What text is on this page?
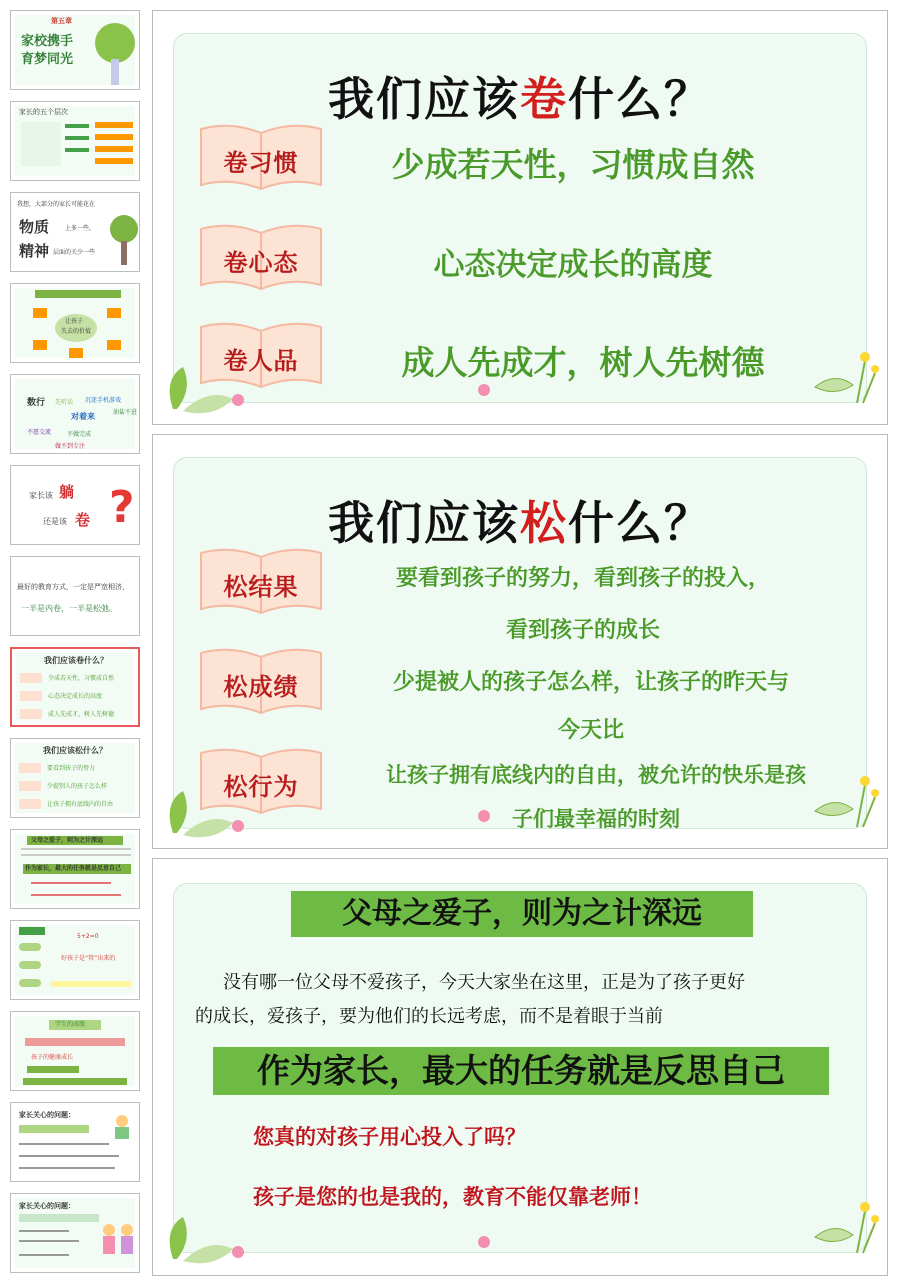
第五章
家校携手
育梦同光
家长的五个层次
我想，大部分的家长可能花在
物质	上多一些，
精神 层面的关少一些
让孩子
失去的价值
数行 先听话 沉迷手机游戏
对着来	油盐不进
不愿交流	不做完成
做不到专注
家长该 躺
还是该 卷 ?
最好的教育方式，一定是严宽相济，
一半是内卷，一半是松弛。
我们应该卷什么？
少成若天性，习惯成自然
心态决定成长的高度
成人先成才，树人先树德
我们应该松什么？
要看到孩子的努力
少提别人的孩子怎么样
让孩子拥有底线内的自由
父母之爱子，则为之计深远
作为家长，最大的任务就是反思自己
5+2=0
好孩子是“管”出来的
学生的成绩
孩子的健康成长
家长关心的问题：
家长关心的问题：
我们应该卷什么？
卷习惯	少成若天性，习惯成自然
卷心态	心态决定成长的高度
卷人品	成人先成才，树人先树德
我们应该松什么？
松结果	要看到孩子的努力，看到孩子的投入，
看到孩子的成长
松成绩	少提被人的孩子怎么样，让孩子的昨天与
今天比
松行为	让孩子拥有底线内的自由，被允许的快乐是孩
子们最幸福的时刻
父母之爱子，则为之计深远
没有哪一位父母不爱孩子，今天大家坐在这里，正是为了孩子更好
的成长，爱孩子，要为他们的长远考虑，而不是着眼于当前
作为家长，最大的任务就是反思自己
您真的对孩子用心投入了吗？
孩子是您的也是我的，教育不能仅靠老师！
